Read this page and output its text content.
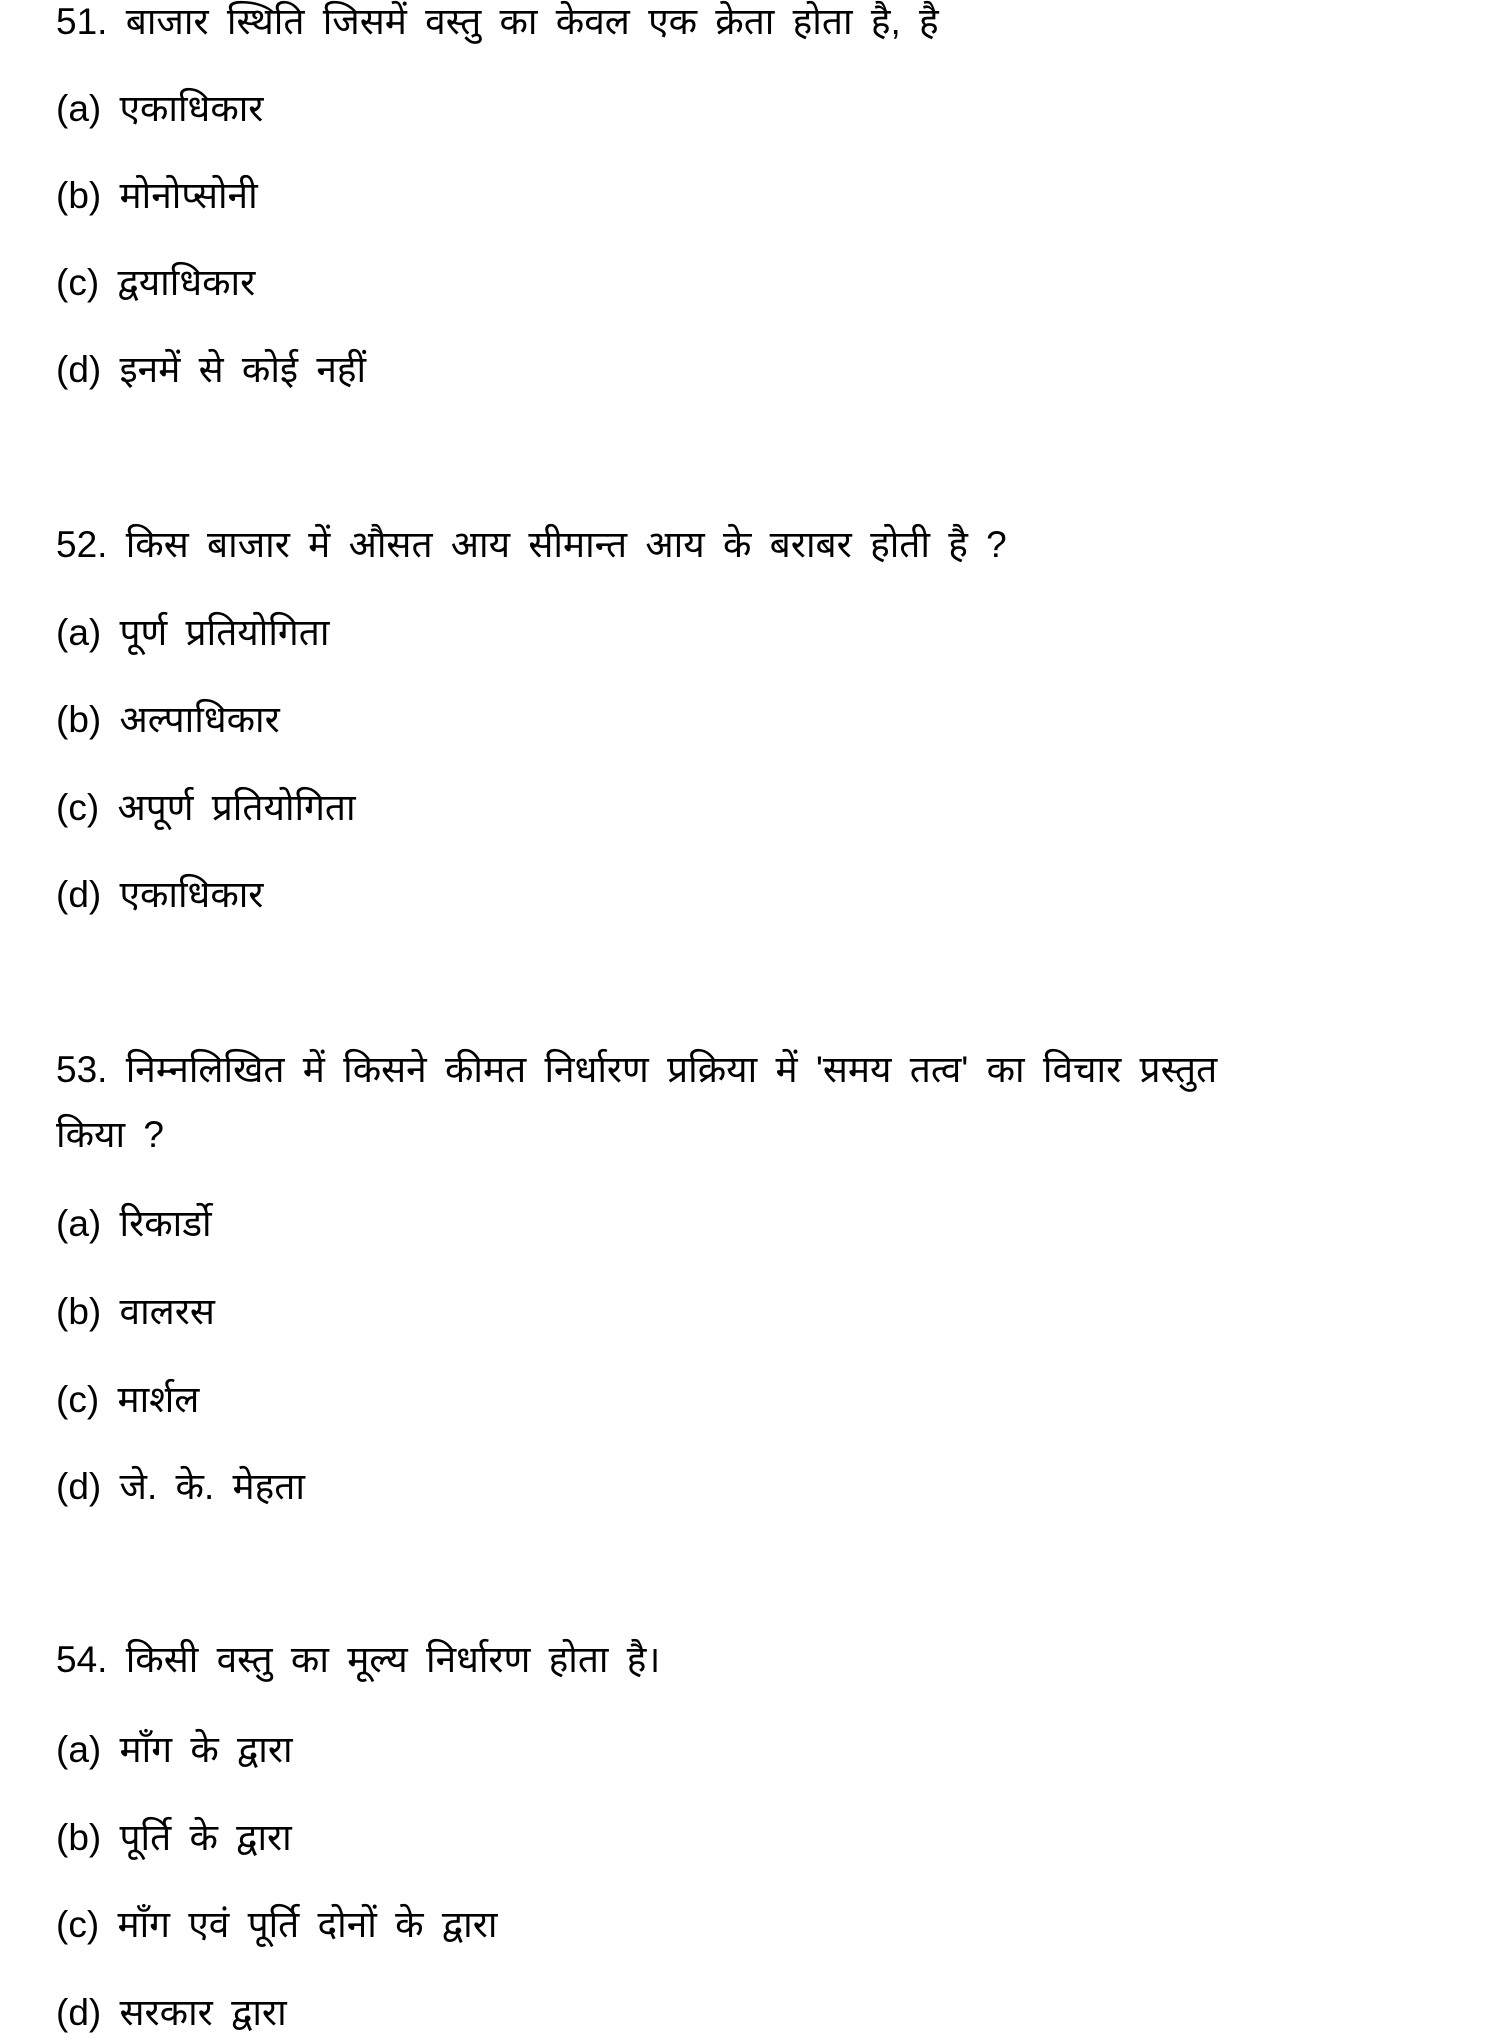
51. बाजार स्थिति जिसमें वस्तु का केवल एक क्रेता होता है, है
(a) एकाधिकार
(b) मोनोप्सोनी
(c) द्वयाधिकार
(d) इनमें से कोई नहीं
52. किस बाजार में औसत आय सीमान्त आय के बराबर होती है ?
(a) पूर्ण प्रतियोगिता
(b) अल्पाधिकार
(c) अपूर्ण प्रतियोगिता
(d) एकाधिकार
53. निम्नलिखित में किसने कीमत निर्धारण प्रक्रिया में 'समय तत्व' का विचार प्रस्तुत
किया ?
(a) रिकार्डो
(b) वालरस
(c) मार्शल
(d) जे. के. मेहता
54. किसी वस्तु का मूल्य निर्धारण होता है।
(a) माँग के द्वारा
(b) पूर्ति के द्वारा
(c) माँग एवं पूर्ति दोनों के द्वारा
(d) सरकार द्वारा
